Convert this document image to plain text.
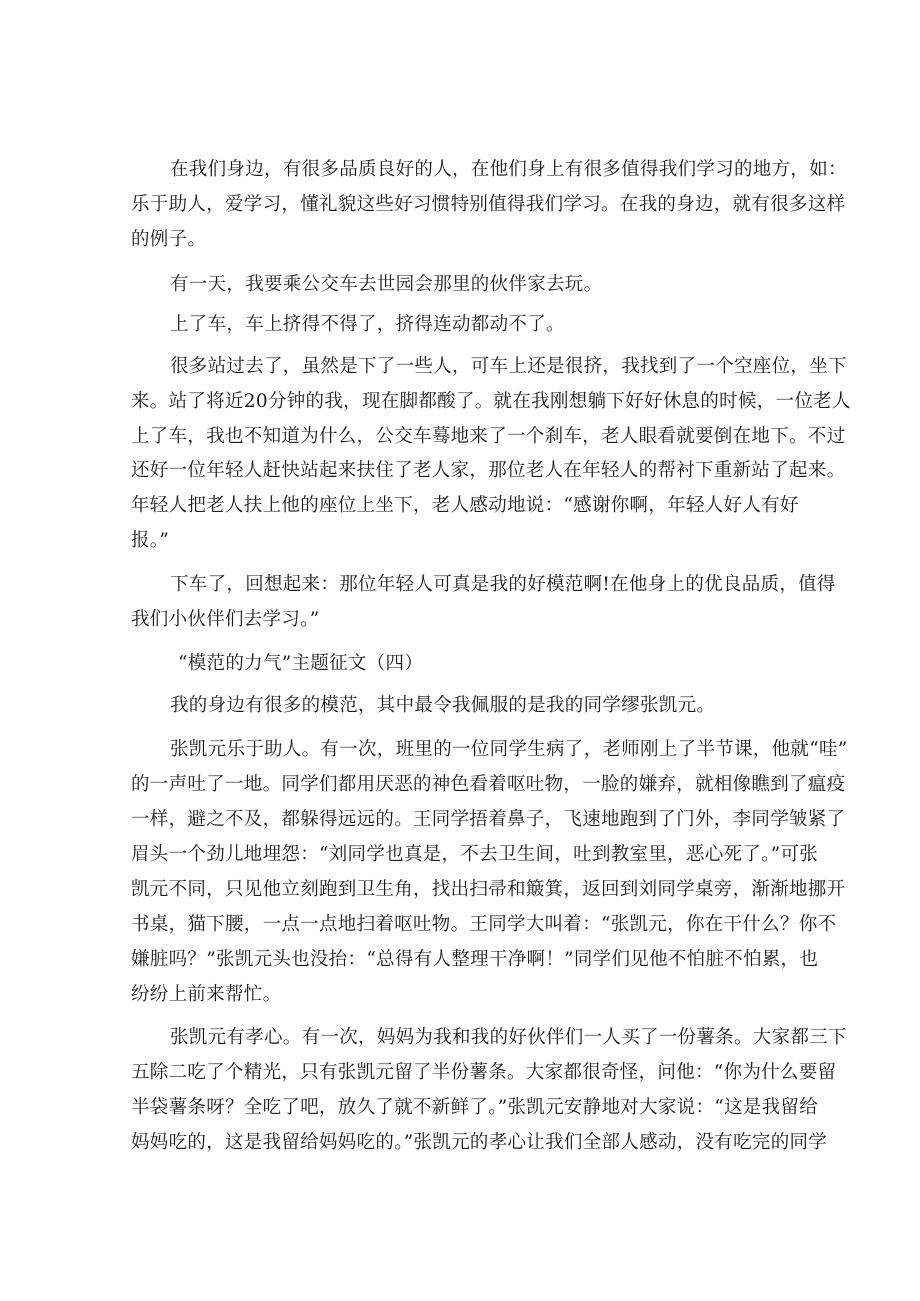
在我们身边，有很多品质良好的人，在他们身上有很多值得我们学习的地方，如：
乐于助人，爱学习，懂礼貌这些好习惯特别值得我们学习。在我的身边，就有很多这样
的例子。
有一天，我要乘公交车去世园会那里的伙伴家去玩。
上了车，车上挤得不得了，挤得连动都动不了。
很多站过去了，虽然是下了一些人，可车上还是很挤，我找到了一个空座位，坐下
来。站了将近20分钟的我，现在脚都酸了。就在我刚想躺下好好休息的时候，一位老人
上了车，我也不知道为什么，公交车蓦地来了一个刹车，老人眼看就要倒在地下。不过
还好一位年轻人赶快站起来扶住了老人家，那位老人在年轻人的帮衬下重新站了起来。
年轻人把老人扶上他的座位上坐下，老人感动地说：“感谢你啊，年轻人好人有好
报。”
下车了，回想起来：那位年轻人可真是我的好模范啊!在他身上的优良品质，值得
我们小伙伴们去学习。”
“模范的力气”主题征文（四）
我的身边有很多的模范，其中最令我佩服的是我的同学缪张凯元。
张凯元乐于助人。有一次，班里的一位同学生病了，老师刚上了半节课，他就“哇”
的一声吐了一地。同学们都用厌恶的神色看着呕吐物，一脸的嫌弃，就相像瞧到了瘟疫
一样，避之不及，都躲得远远的。王同学捂着鼻子，飞速地跑到了门外，李同学皱紧了
眉头一个劲儿地埋怨：“刘同学也真是，不去卫生间，吐到教室里，恶心死了。”可张
凯元不同，只见他立刻跑到卫生角，找出扫帚和簸箕，返回到刘同学桌旁，渐渐地挪开
书桌，猫下腰，一点一点地扫着呕吐物。王同学大叫着：“张凯元，你在干什么？你不
嫌脏吗？”张凯元头也没抬：“总得有人整理干净啊！”同学们见他不怕脏不怕累，也
纷纷上前来帮忙。
张凯元有孝心。有一次，妈妈为我和我的好伙伴们一人买了一份薯条。大家都三下
五除二吃了个精光，只有张凯元留了半份薯条。大家都很奇怪，问他：“你为什么要留
半袋薯条呀？全吃了吧，放久了就不新鲜了。”张凯元安静地对大家说：“这是我留给
妈妈吃的，这是我留给妈妈吃的。”张凯元的孝心让我们全部人感动，没有吃完的同学
